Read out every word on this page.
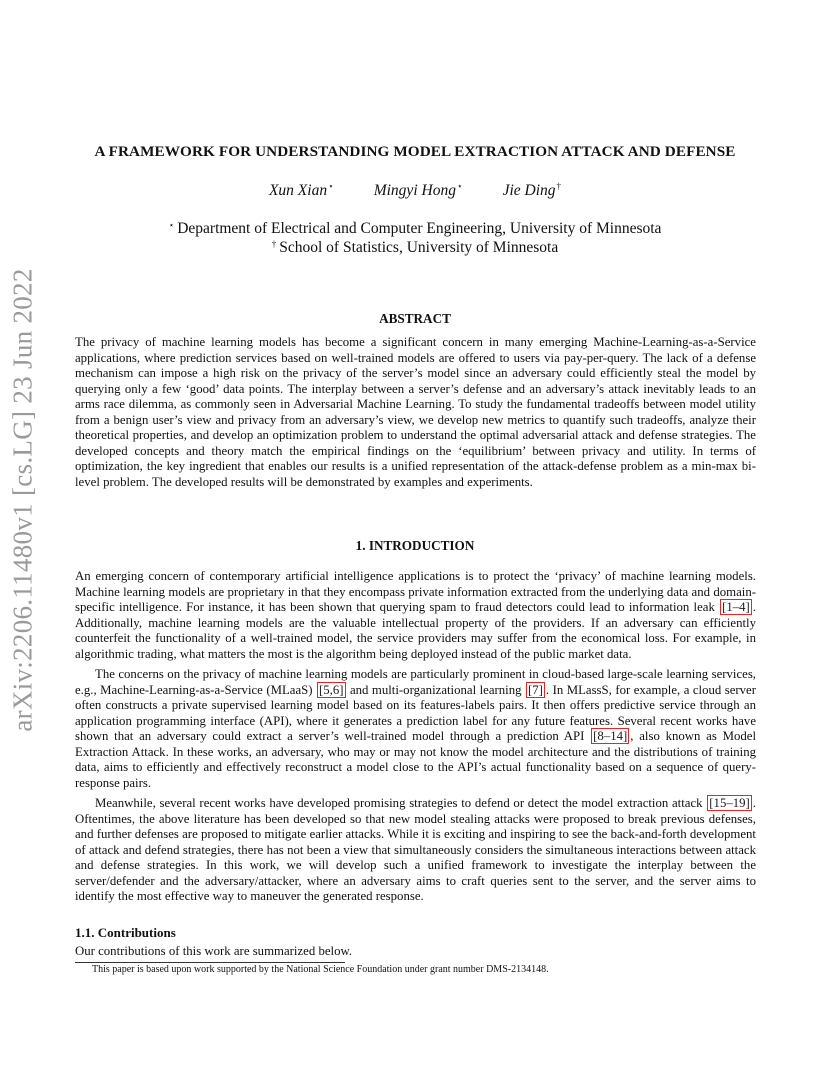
arXiv:2206.11480v1 [cs.LG] 23 Jun 2022
A FRAMEWORK FOR UNDERSTANDING MODEL EXTRACTION ATTACK AND DEFENSE
Xun Xian⋆	Mingyi Hong⋆	Jie Ding†
⋆ Department of Electrical and Computer Engineering, University of Minnesota
† School of Statistics, University of Minnesota
ABSTRACT
The privacy of machine learning models has become a significant concern in many emerging Machine-Learning-as-a-Service applications, where prediction services based on well-trained models are offered to users via pay-per-query. The lack of a defense mechanism can impose a high risk on the privacy of the server’s model since an adversary could efficiently steal the model by querying only a few ‘good’ data points. The interplay between a server’s defense and an adversary’s attack inevitably leads to an arms race dilemma, as commonly seen in Adversarial Machine Learning. To study the fundamental tradeoffs between model utility from a benign user’s view and privacy from an adversary’s view, we develop new metrics to quantify such tradeoffs, analyze their theoretical properties, and develop an optimization problem to understand the optimal adversarial attack and defense strategies. The developed concepts and theory match the empirical findings on the ‘equilibrium’ between privacy and utility. In terms of optimization, the key ingredient that enables our results is a unified representation of the attack-defense problem as a min-max bi-level problem. The developed results will be demonstrated by examples and experiments.
1. INTRODUCTION
An emerging concern of contemporary artificial intelligence applications is to protect the ‘privacy’ of machine learning models. Machine learning models are proprietary in that they encompass private information extracted from the underlying data and domain-specific intelligence. For instance, it has been shown that querying spam to fraud detectors could lead to information leak [1–4] . Additionally, machine learning models are the valuable intellectual property of the providers. If an adversary can efficiently counterfeit the functionality of a well-trained model, the service providers may suffer from the economical loss. For example, in algorithmic trading, what matters the most is the algorithm being deployed instead of the public market data.
The concerns on the privacy of machine learning models are particularly prominent in cloud-based large-scale learning services, e.g., Machine-Learning-as-a-Service (MLaaS) [5,6] and multi-organizational learning [7] . In MLassS, for example, a cloud server often constructs a private supervised learning model based on its features-labels pairs. It then offers predictive service through an application programming interface (API), where it generates a prediction label for any future features. Several recent works have shown that an adversary could extract a server’s well-trained model through a prediction API [8–14] , also known as Model Extraction Attack. In these works, an adversary, who may or may not know the model architecture and the distributions of training data, aims to efficiently and effectively reconstruct a model close to the API’s actual functionality based on a sequence of query-response pairs.
Meanwhile, several recent works have developed promising strategies to defend or detect the model extraction attack [15–19] . Oftentimes, the above literature has been developed so that new model stealing attacks were proposed to break previous defenses, and further defenses are proposed to mitigate earlier attacks. While it is exciting and inspiring to see the back-and-forth development of attack and defend strategies, there has not been a view that simultaneously considers the simultaneous interactions between attack and defense strategies. In this work, we will develop such a unified framework to investigate the interplay between the server/defender and the adversary/attacker, where an adversary aims to craft queries sent to the server, and the server aims to identify the most effective way to maneuver the generated response.
1.1. Contributions
Our contributions of this work are summarized below.
This paper is based upon work supported by the National Science Foundation under grant number DMS-2134148.
